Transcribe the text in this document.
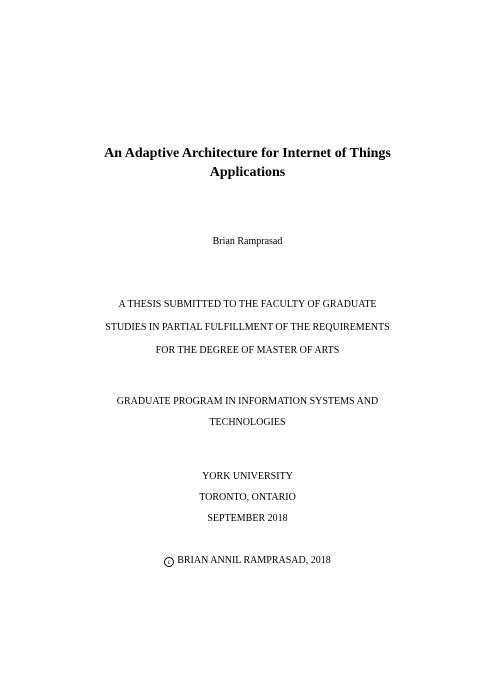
An Adaptive Architecture for Internet of Things
Applications
Brian Ramprasad
A THESIS SUBMITTED TO THE FACULTY OF GRADUATE
STUDIES IN PARTIAL FULFILLMENT OF THE REQUIREMENTS
FOR THE DEGREE OF MASTER OF ARTS
GRADUATE PROGRAM IN INFORMATION SYSTEMS AND
TECHNOLOGIES
YORK UNIVERSITY
TORONTO, ONTARIO
SEPTEMBER 2018
c BRIAN ANNIL RAMPRASAD, 2018
